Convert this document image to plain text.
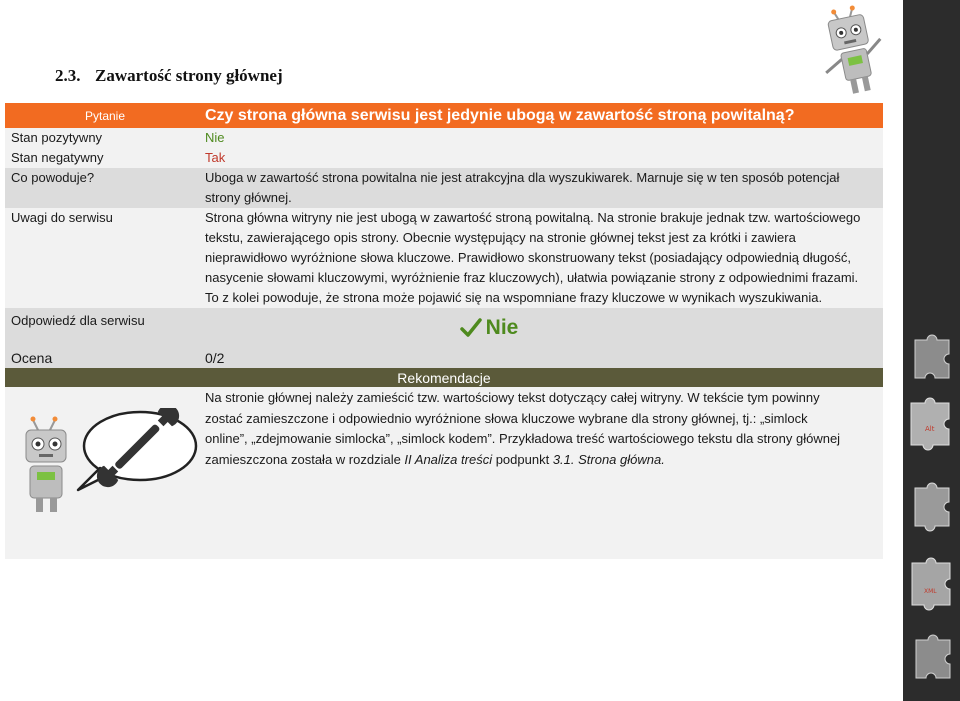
2.3. Zawartość strony głównej
Pytanie	Czy strona główna serwisu jest jedynie ubogą w zawartość stroną powitalną?
Stan pozytywny	Nie
Stan negatywny	Tak
Co powoduje?	Uboga w zawartość strona powitalna nie jest atrakcyjna dla wyszukiwarek. Marnuje się w ten sposób potencjał strony głównej.
Uwagi do serwisu	Strona główna witryny nie jest ubogą w zawartość stroną powitalną. Na stronie brakuje jednak tzw. wartościowego tekstu, zawierającego opis strony. Obecnie występujący na stronie głównej tekst jest za krótki i zawiera nieprawidłowo wyróżnione słowa kluczowe. Prawidłowo skonstruowany tekst (posiadający odpowiednią długość, nasycenie słowami kluczowymi, wyróżnienie fraz kluczowych), ułatwia powiązanie strony z odpowiednimi frazami. To z kolei powoduje, że strona może pojawić się na wspomniane frazy kluczowe w wynikach wyszukiwania.
Odpowiedź dla serwisu	Nie
Ocena	0/2
Rekomendacje
Na stronie głównej należy zamieścić tzw. wartościowy tekst dotyczący całej witryny. W tekście tym powinny zostać zamieszczone i odpowiednio wyróżnione słowa kluczowe wybrane dla strony głównej, tj.: „simlock online”, „zdejmowanie simlocka”, „simlock kodem”. Przykładowa treść wartościowego tekstu dla strony głównej zamieszczona została w rozdziale II Analiza treści podpunkt 3.1. Strona główna.
Alt
XML
